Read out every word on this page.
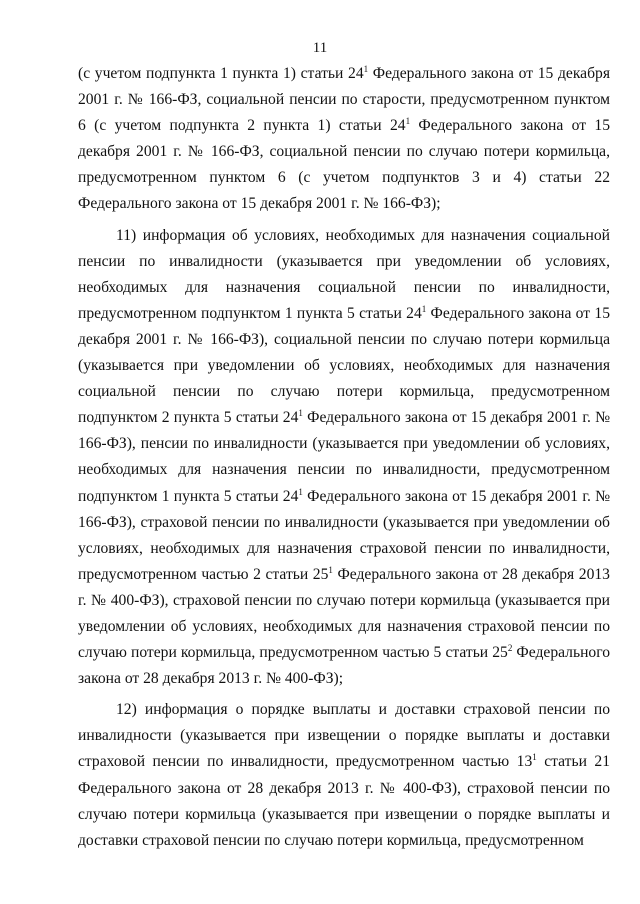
11

(с учетом подпункта 1 пункта 1) статьи $24^1$ Федерального закона от 15 декабря 2001 г. № 166-ФЗ, социальной пенсии по старости, предусмотренном пунктом 6 (с учетом подпункта 2 пункта 1) статьи $24^1$ Федерального закона от 15 декабря 2001 г. № 166-ФЗ, социальной пенсии по случаю потери кормильца, предусмотренном пунктом 6 (с учетом подпунктов 3 и 4) статьи 22 Федерального закона от 15 декабря 2001 г. № 166-ФЗ);

11) информация об условиях, необходимых для назначения социальной пенсии по инвалидности (указывается при уведомлении об условиях, необходимых для назначения социальной пенсии по инвалидности, предусмотренном подпунктом 1 пункта 5 статьи $24^1$ Федерального закона от 15 декабря 2001 г. № 166-ФЗ), социальной пенсии по случаю потери кормильца (указывается при уведомлении об условиях, необходимых для назначения социальной пенсии по случаю потери кормильца, предусмотренном подпунктом 2 пункта 5 статьи $24^1$ Федерального закона от 15 декабря 2001 г. № 166-ФЗ), пенсии по инвалидности (указывается при уведомлении об условиях, необходимых для назначения пенсии по инвалидности, предусмотренном подпунктом 1 пункта 5 статьи $24^1$ Федерального закона от 15 декабря 2001 г. № 166-ФЗ), страховой пенсии по инвалидности (указывается при уведомлении об условиях, необходимых для назначения страховой пенсии по инвалидности, предусмотренном частью 2 статьи $25^1$ Федерального закона от 28 декабря 2013 г. № 400-ФЗ), страховой пенсии по случаю потери кормильца (указывается при уведомлении об условиях, необходимых для назначения страховой пенсии по случаю потери кормильца, предусмотренном частью 5 статьи $25^2$ Федерального закона от 28 декабря 2013 г. № 400-ФЗ);

12) информация о порядке выплаты и доставки страховой пенсии по инвалидности (указывается при извещении о порядке выплаты и доставки страховой пенсии по инвалидности, предусмотренном частью $13^1$ статьи 21 Федерального закона от 28 декабря 2013 г. № 400-ФЗ), страховой пенсии по случаю потери кормильца (указывается при извещении о порядке выплаты и доставки страховой пенсии по случаю потери кормильца, предусмотренном
